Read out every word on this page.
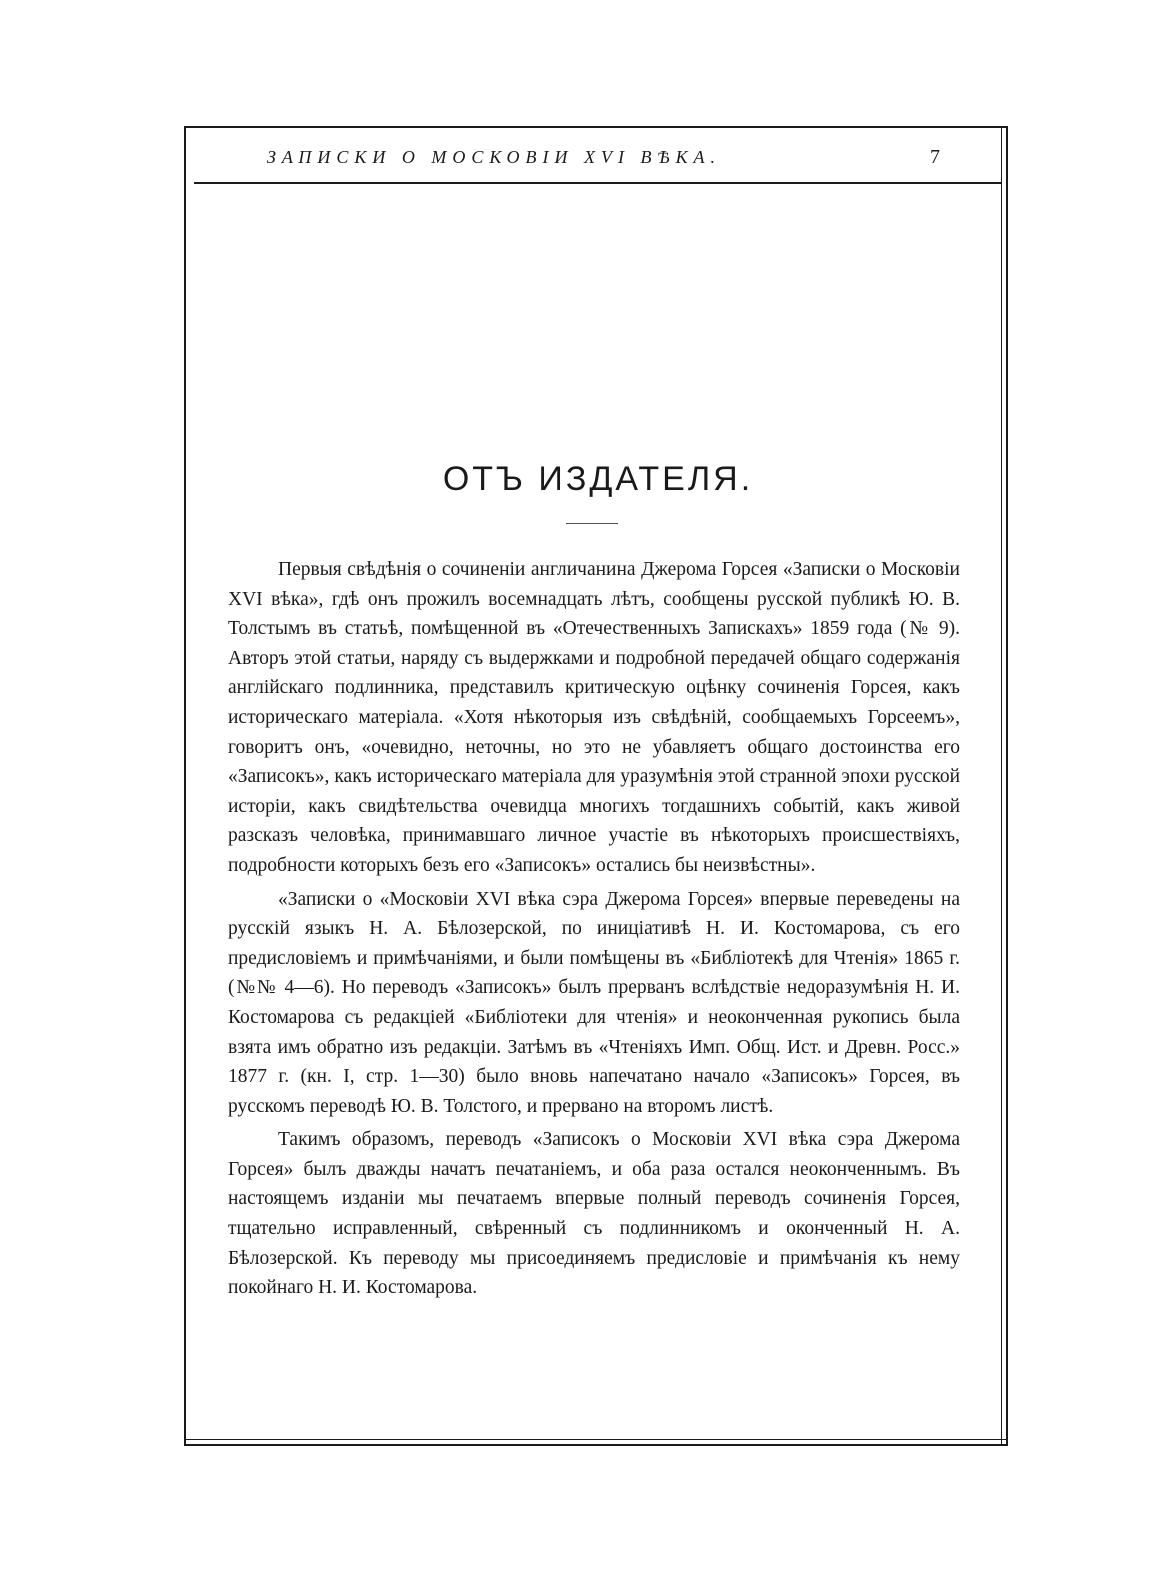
ЗАПИСКИ О МОСКОВІИ XVI ВѢКА.	7
ОТЪ ИЗДАТЕЛЯ.

Первыя свѣдѣнія о сочиненіи англичанина Джерома Горсея «Записки о Московіи XVI вѣка», гдѣ онъ прожилъ восемнадцать лѣтъ, сообщены русской публикѣ Ю. В. Толстымъ въ статьѣ, помѣщенной въ «Отечественныхъ Запискахъ» 1859 года (№ 9). Авторъ этой статьи, наряду съ выдержками и подробной передачей общаго содержанія англійскаго подлинника, представилъ критическую оцѣнку сочиненія Горсея, какъ историческаго матеріала. «Хотя нѣкоторыя изъ свѣдѣній, сообщаемыхъ Горсеемъ», говоритъ онъ, «очевидно, неточны, но это не убавляетъ общаго достоинства его «Записокъ», какъ историческаго матеріала для уразумѣнія этой странной эпохи русской исторіи, какъ свидѣтельства очевидца многихъ тогдашнихъ событій, какъ живой разсказъ человѣка, принимавшаго личное участіе въ нѣкоторыхъ происшествіяхъ, подробности которыхъ безъ его «Записокъ» остались бы неизвѣстны».

«Записки о «Московіи XVI вѣка сэра Джерома Горсея» впервые переведены на русскій языкъ Н. А. Бѣлозерской, по иниціативѣ Н. И. Костомарова, съ его предисловіемъ и примѣчаніями, и были помѣщены въ «Библіотекѣ для Чтенія» 1865 г. (№№ 4—6). Но переводъ «Записокъ» былъ прерванъ вслѣдствіе недоразумѣнія Н. И. Костомарова съ редакціей «Библіотеки для чтенія» и неоконченная рукопись была взята имъ обратно изъ редакціи. Затѣмъ въ «Чтеніяхъ Имп. Общ. Ист. и Древн. Росс.» 1877 г. (кн. I, стр. 1—30) было вновь напечатано начало «Записокъ» Горсея, въ русскомъ переводѣ Ю. В. Толстого, и прервано на второмъ листѣ.

Такимъ образомъ, переводъ «Записокъ о Московіи XVI вѣка сэра Джерома Горсея» былъ дважды начатъ печатаніемъ, и оба раза остался неоконченнымъ. Въ настоящемъ изданіи мы печатаемъ впервые полный переводъ сочиненія Горсея, тщательно исправленный, свѣренный съ подлинникомъ и оконченный Н. А. Бѣлозерской. Къ переводу мы присоединяемъ предисловіе и примѣчанія къ нему покойнаго Н. И. Костомарова.
